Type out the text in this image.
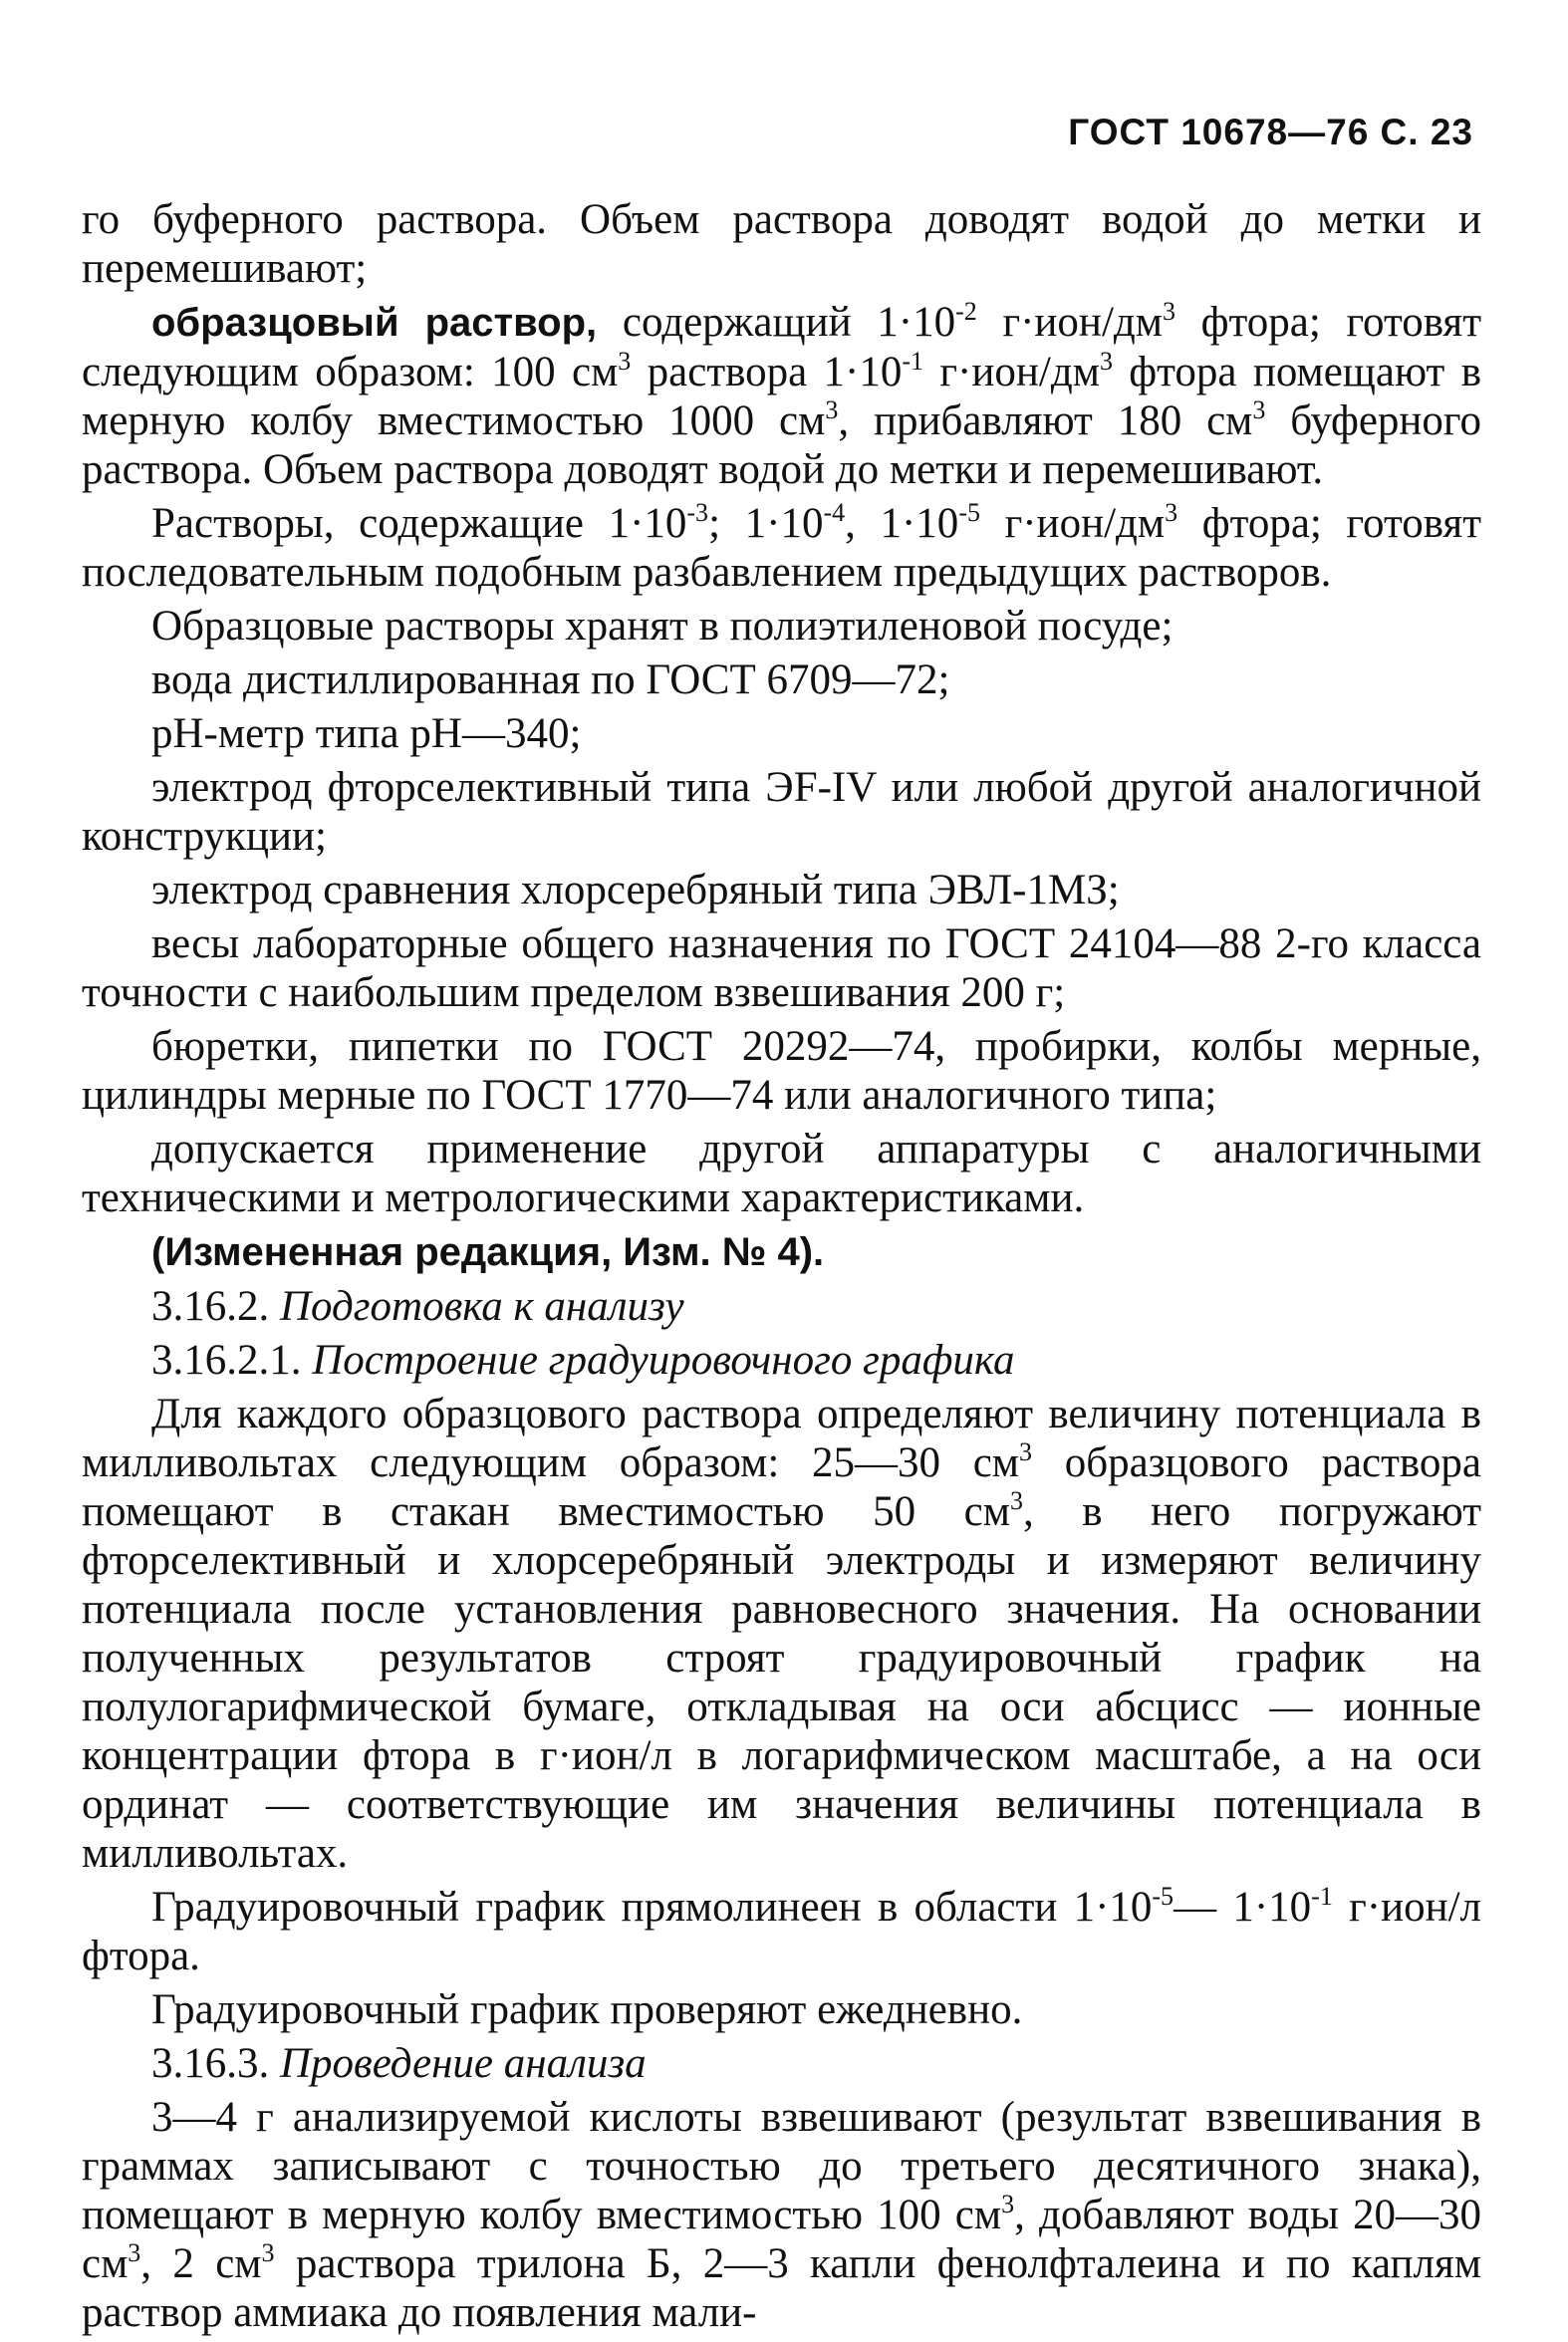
ГОСТ 10678—76 С. 23

го буферного раствора. Объем раствора доводят водой до метки и перемешивают;

образцовый раствор, содержащий $1\cdot 10^{-2}$ $г\cdot ион/дм^3$ фтора; готовят следующим образом: 100 $см^3$ раствора $1\cdot 10^{-1}$ $г\cdot ион/дм^3$ фтора помещают в мерную колбу вместимостью 1000 $см^3$, прибавляют 180 $см^3$ буферного раствора. Объем раствора доводят водой до метки и перемешивают.

Растворы, содержащие $1\cdot 10^{-3}$; $1\cdot 10^{-4}$, $1\cdot 10^{-5}$ $г\cdot ион/дм^3$ фтора; готовят последовательным подобным разбавлением предыдущих растворов.

Образцовые растворы хранят в полиэтиленовой посуде;

вода дистиллированная по ГОСТ 6709—72;

pH-метр типа pH—340;

электрод фторселективный типа ЭF-IV или любой другой аналогичной конструкции;

электрод сравнения хлорсеребряный типа ЭВЛ-1МЗ;

весы лабораторные общего назначения по ГОСТ 24104—88 2-го класса точности с наибольшим пределом взвешивания 200 г;

бюретки, пипетки по ГОСТ 20292—74, пробирки, колбы мерные, цилиндры мерные по ГОСТ 1770—74 или аналогичного типа;

допускается применение другой аппаратуры с аналогичными техническими и метрологическими характеристиками.

(Измененная редакция, Изм. № 4).

3.16.2. Подготовка к анализу

3.16.2.1. Построение градуировочного графика

Для каждого образцового раствора определяют величину потенциала в милливольтах следующим образом: 25—30 $см^3$ образцового раствора помещают в стакан вместимостью 50 $см^3$, в него погружают фторселективный и хлорсеребряный электроды и измеряют величину потенциала после установления равновесного значения. На основании полученных результатов строят градуировочный график на полулогарифмической бумаге, откладывая на оси абсцисс — ионные концентрации фтора в г·ион/л в логарифмическом масштабе, а на оси ординат — соответствующие им значения величины потенциала в милливольтах.

Градуировочный график прямолинеен в области $1\cdot 10^{-5}—$ $1\cdot 10^{-1}$ г·ион/л фтора.

Градуировочный график проверяют ежедневно.

3.16.3. Проведение анализа

3—4 г анализируемой кислоты взвешивают (результат взвешивания в граммах записывают с точностью до третьего десятичного знака), помещают в мерную колбу вместимостью 100 $см^3$, добавляют воды 20—30 $см^3$, 2 $см^3$ раствора трилона Б, 2—3 капли фенолфталеина и по каплям раствор аммиака до появления мали-
